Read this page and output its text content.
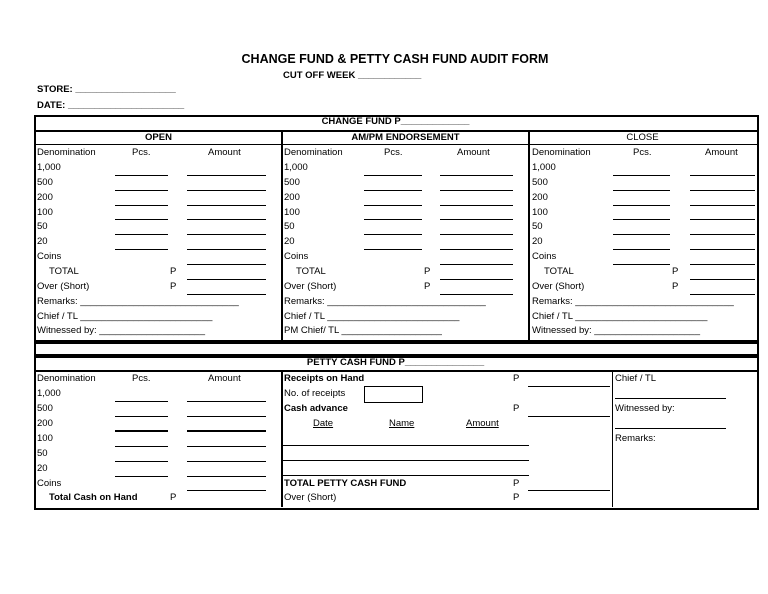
CHANGE FUND & PETTY CASH FUND AUDIT FORM
CUT OFF WEEK ____________
STORE: ___________________
DATE: ______________________
CHANGE FUND P_____________
OPEN
Denomination	Pcs.	Amount
1,000
500
200
100
50
20
Coins
TOTAL	P
Over (Short)	P
Remarks: ______________________________
Chief / TL _________________________
Witnessed by: ____________________
AM/PM ENDORSEMENT
Denomination	Pcs.	Amount
1,000
500
200
100
50
20
Coins
TOTAL	P
Over (Short)	P
Remarks: ______________________________
Chief / TL _________________________
PM Chief/ TL ___________________
CLOSE
Denomination	Pcs.	Amount
1,000
500
200
100
50
20
Coins
TOTAL	P
Over (Short)	P
Remarks: ______________________________
Chief / TL _________________________
Witnessed by: ____________________
PETTY CASH FUND P_______________
Denomination	Pcs.	Amount
1,000
500
200
100
50
20
Coins
Total Cash on Hand	P
Receipts on Hand	P
No. of receipts
Cash advance	P
Date	Name	Amount
TOTAL PETTY CASH FUND	P
Over (Short)	P
Chief / TL
Witnessed by:
Remarks:
